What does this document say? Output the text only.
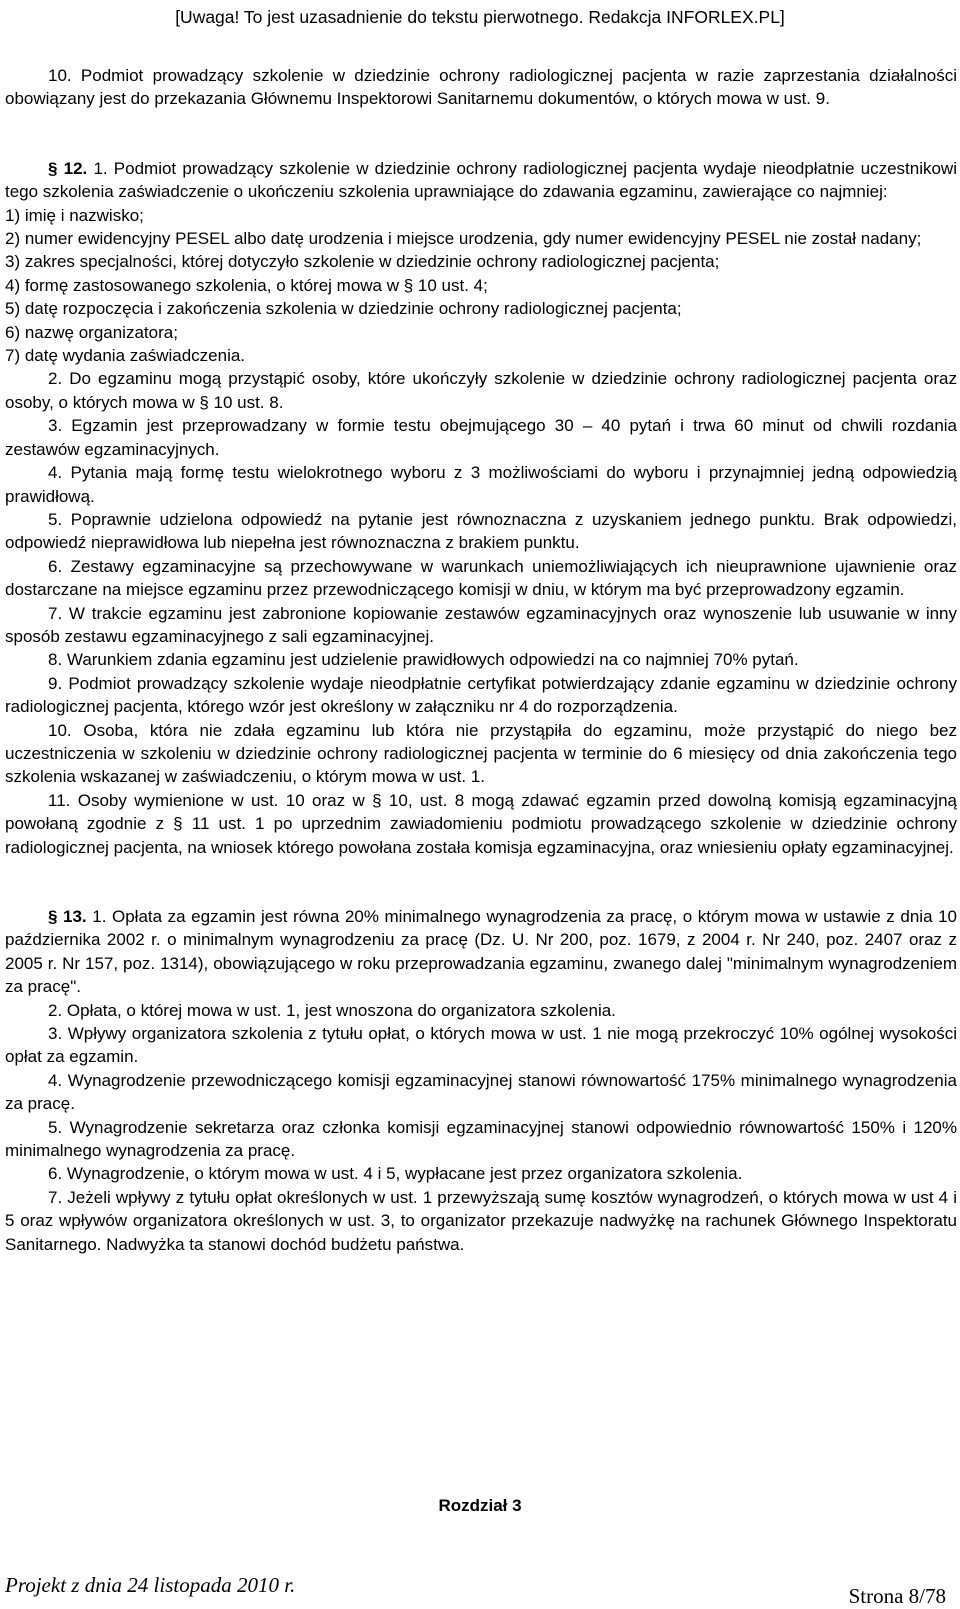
[Uwaga! To jest uzasadnienie do tekstu pierwotnego. Redakcja INFORLEX.PL]

10. Podmiot prowadzący szkolenie w dziedzinie ochrony radiologicznej pacjenta w razie zaprzestania działalności obowiązany jest do przekazania Głównemu Inspektorowi Sanitarnemu dokumentów, o których mowa w ust. 9.

§ 12. 1. Podmiot prowadzący szkolenie w dziedzinie ochrony radiologicznej pacjenta wydaje nieodpłatnie uczestnikowi tego szkolenia zaświadczenie o ukończeniu szkolenia uprawniające do zdawania egzaminu, zawierające co najmniej:

1) imię i nazwisko;

2) numer ewidencyjny PESEL albo datę urodzenia i miejsce urodzenia, gdy numer ewidencyjny PESEL nie został nadany;

3) zakres specjalności, której dotyczyło szkolenie w dziedzinie ochrony radiologicznej pacjenta;

4) formę zastosowanego szkolenia, o której mowa w § 10 ust. 4;

5) datę rozpoczęcia i zakończenia szkolenia w dziedzinie ochrony radiologicznej pacjenta;

6) nazwę organizatora;

7) datę wydania zaświadczenia.

2. Do egzaminu mogą przystąpić osoby, które ukończyły szkolenie w dziedzinie ochrony radiologicznej pacjenta oraz osoby, o których mowa w § 10 ust. 8.

3. Egzamin jest przeprowadzany w formie testu obejmującego 30 – 40 pytań i trwa 60 minut od chwili rozdania zestawów egzaminacyjnych.

4. Pytania mają formę testu wielokrotnego wyboru z 3 możliwościami do wyboru i przynajmniej jedną odpowiedzią prawidłową.

5. Poprawnie udzielona odpowiedź na pytanie jest równoznaczna z uzyskaniem jednego punktu. Brak odpowiedzi, odpowiedź nieprawidłowa lub niepełna jest równoznaczna z brakiem punktu.

6. Zestawy egzaminacyjne są przechowywane w warunkach uniemożliwiających ich nieuprawnione ujawnienie oraz dostarczane na miejsce egzaminu przez przewodniczącego komisji w dniu, w którym ma być przeprowadzony egzamin.

7. W trakcie egzaminu jest zabronione kopiowanie zestawów egzaminacyjnych oraz wynoszenie lub usuwanie w inny sposób zestawu egzaminacyjnego z sali egzaminacyjnej.

8. Warunkiem zdania egzaminu jest udzielenie prawidłowych odpowiedzi na co najmniej 70% pytań.

9. Podmiot prowadzący szkolenie wydaje nieodpłatnie certyfikat potwierdzający zdanie egzaminu w dziedzinie ochrony radiologicznej pacjenta, którego wzór jest określony w załączniku nr 4 do rozporządzenia.

10. Osoba, która nie zdała egzaminu lub która nie przystąpiła do egzaminu, może przystąpić do niego bez uczestniczenia w szkoleniu w dziedzinie ochrony radiologicznej pacjenta w terminie do 6 miesięcy od dnia zakończenia tego szkolenia wskazanej w zaświadczeniu, o którym mowa w ust. 1.

11. Osoby wymienione w ust. 10 oraz w § 10, ust. 8 mogą zdawać egzamin przed dowolną komisją egzaminacyjną powołaną zgodnie z § 11 ust. 1 po uprzednim zawiadomieniu podmiotu prowadzącego szkolenie w dziedzinie ochrony radiologicznej pacjenta, na wniosek którego powołana została komisja egzaminacyjna, oraz wniesieniu opłaty egzaminacyjnej.

§ 13. 1. Opłata za egzamin jest równa 20% minimalnego wynagrodzenia za pracę, o którym mowa w ustawie z dnia 10 października 2002 r. o minimalnym wynagrodzeniu za pracę (Dz. U. Nr 200, poz. 1679, z 2004 r. Nr 240, poz. 2407 oraz z 2005 r. Nr 157, poz. 1314), obowiązującego w roku przeprowadzania egzaminu, zwanego dalej "minimalnym wynagrodzeniem za pracę".

2. Opłata, o której mowa w ust. 1, jest wnoszona do organizatora szkolenia.

3. Wpływy organizatora szkolenia z tytułu opłat, o których mowa w ust. 1 nie mogą przekroczyć 10% ogólnej wysokości opłat za egzamin.

4. Wynagrodzenie przewodniczącego komisji egzaminacyjnej stanowi równowartość 175% minimalnego wynagrodzenia za pracę.

5. Wynagrodzenie sekretarza oraz członka komisji egzaminacyjnej stanowi odpowiednio równowartość 150% i 120% minimalnego wynagrodzenia za pracę.

6. Wynagrodzenie, o którym mowa w ust. 4 i 5, wypłacane jest przez organizatora szkolenia.

7. Jeżeli wpływy z tytułu opłat określonych w ust. 1 przewyższają sumę kosztów wynagrodzeń, o których mowa w ust 4 i 5 oraz wpływów organizatora określonych w ust. 3, to organizator przekazuje nadwyżkę na rachunek Głównego Inspektoratu Sanitarnego. Nadwyżka ta stanowi dochód budżetu państwa.

Rozdział 3
Projekt z dnia 24 listopada 2010 r.	Strona 8/78
